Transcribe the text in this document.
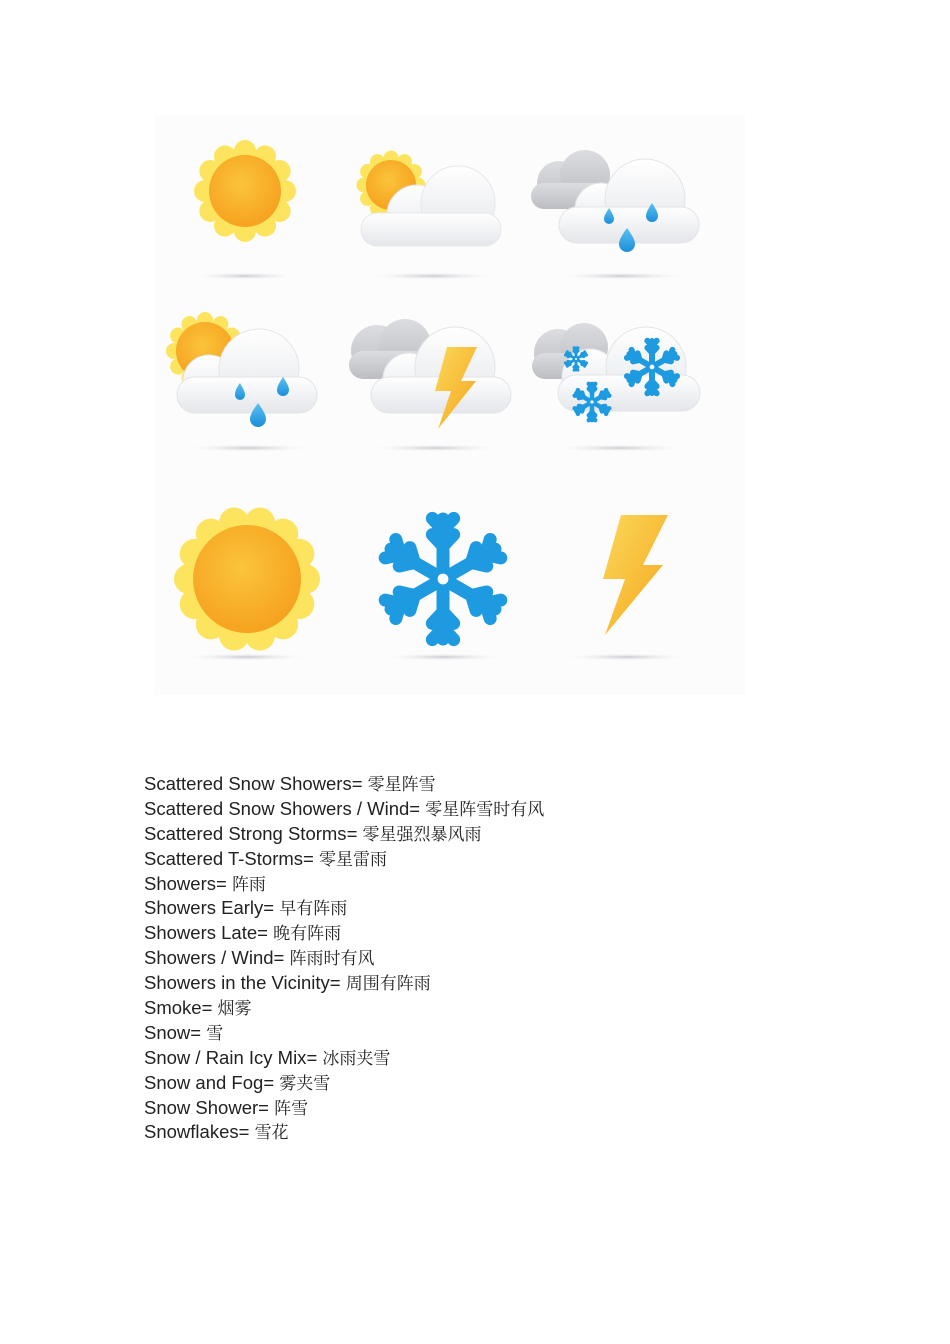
Scattered Snow Showers= 零星阵雪
Scattered Snow Showers / Wind= 零星阵雪时有风
Scattered Strong Storms= 零星强烈暴风雨
Scattered T-Storms= 零星雷雨
Showers= 阵雨
Showers Early= 早有阵雨
Showers Late= 晚有阵雨
Showers / Wind= 阵雨时有风
Showers in the Vicinity= 周围有阵雨
Smoke= 烟雾
Snow= 雪
Snow / Rain Icy Mix= 冰雨夹雪
Snow and Fog= 雾夹雪
Snow Shower= 阵雪
Snowflakes= 雪花
